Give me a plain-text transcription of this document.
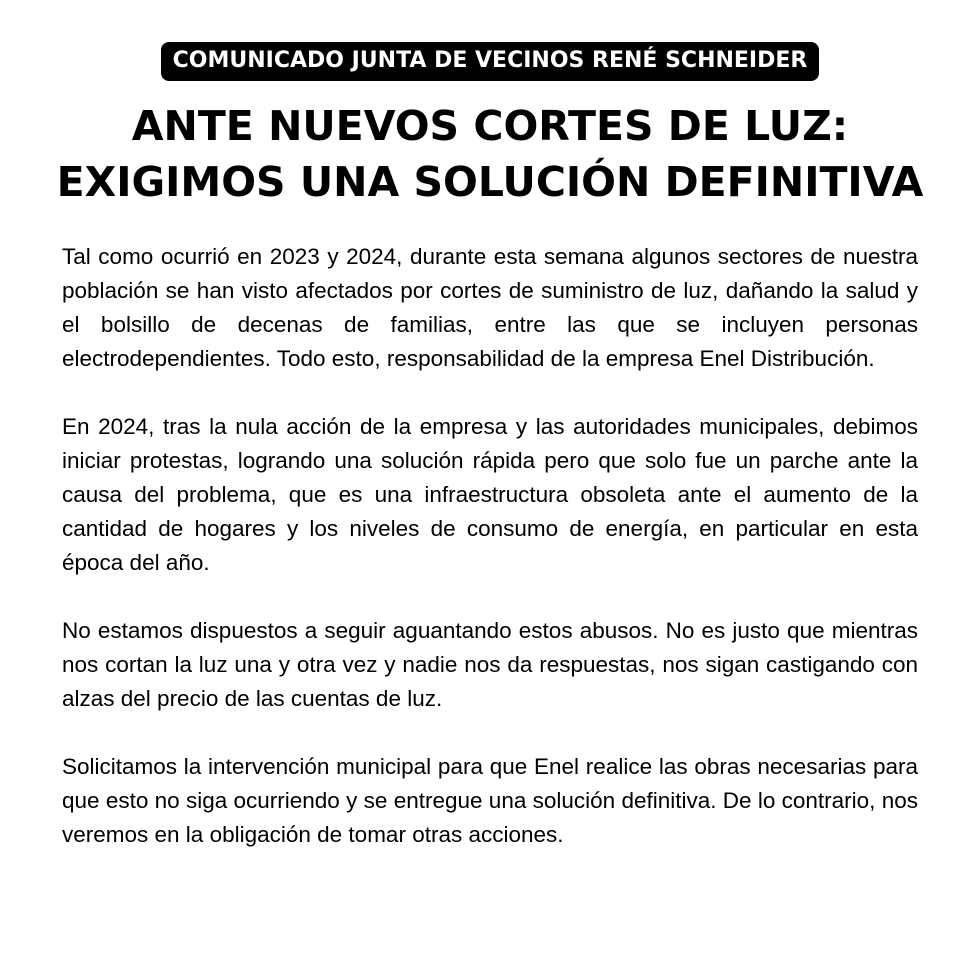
COMUNICADO JUNTA DE VECINOS RENÉ SCHNEIDER
ANTE NUEVOS CORTES DE LUZ:
EXIGIMOS UNA SOLUCIÓN DEFINITIVA

Tal como ocurrió en 2023 y 2024, durante esta semana algunos sectores de nuestra población se han visto afectados por cortes de suministro de luz, dañando la salud y el bolsillo de decenas de familias, entre las que se incluyen personas electrodependientes. Todo esto, responsabilidad de la empresa Enel Distribución.

En 2024, tras la nula acción de la empresa y las autoridades municipales, debimos iniciar protestas, logrando una solución rápida pero que solo fue un parche ante la causa del problema, que es una infraestructura obsoleta ante el aumento de la cantidad de hogares y los niveles de consumo de energía, en particular en esta época del año.

No estamos dispuestos a seguir aguantando estos abusos. No es justo que mientras nos cortan la luz una y otra vez y nadie nos da respuestas, nos sigan castigando con alzas del precio de las cuentas de luz.

Solicitamos la intervención municipal para que Enel realice las obras necesarias para que esto no siga ocurriendo y se entregue una solución definitiva. De lo contrario, nos veremos en la obligación de tomar otras acciones.
